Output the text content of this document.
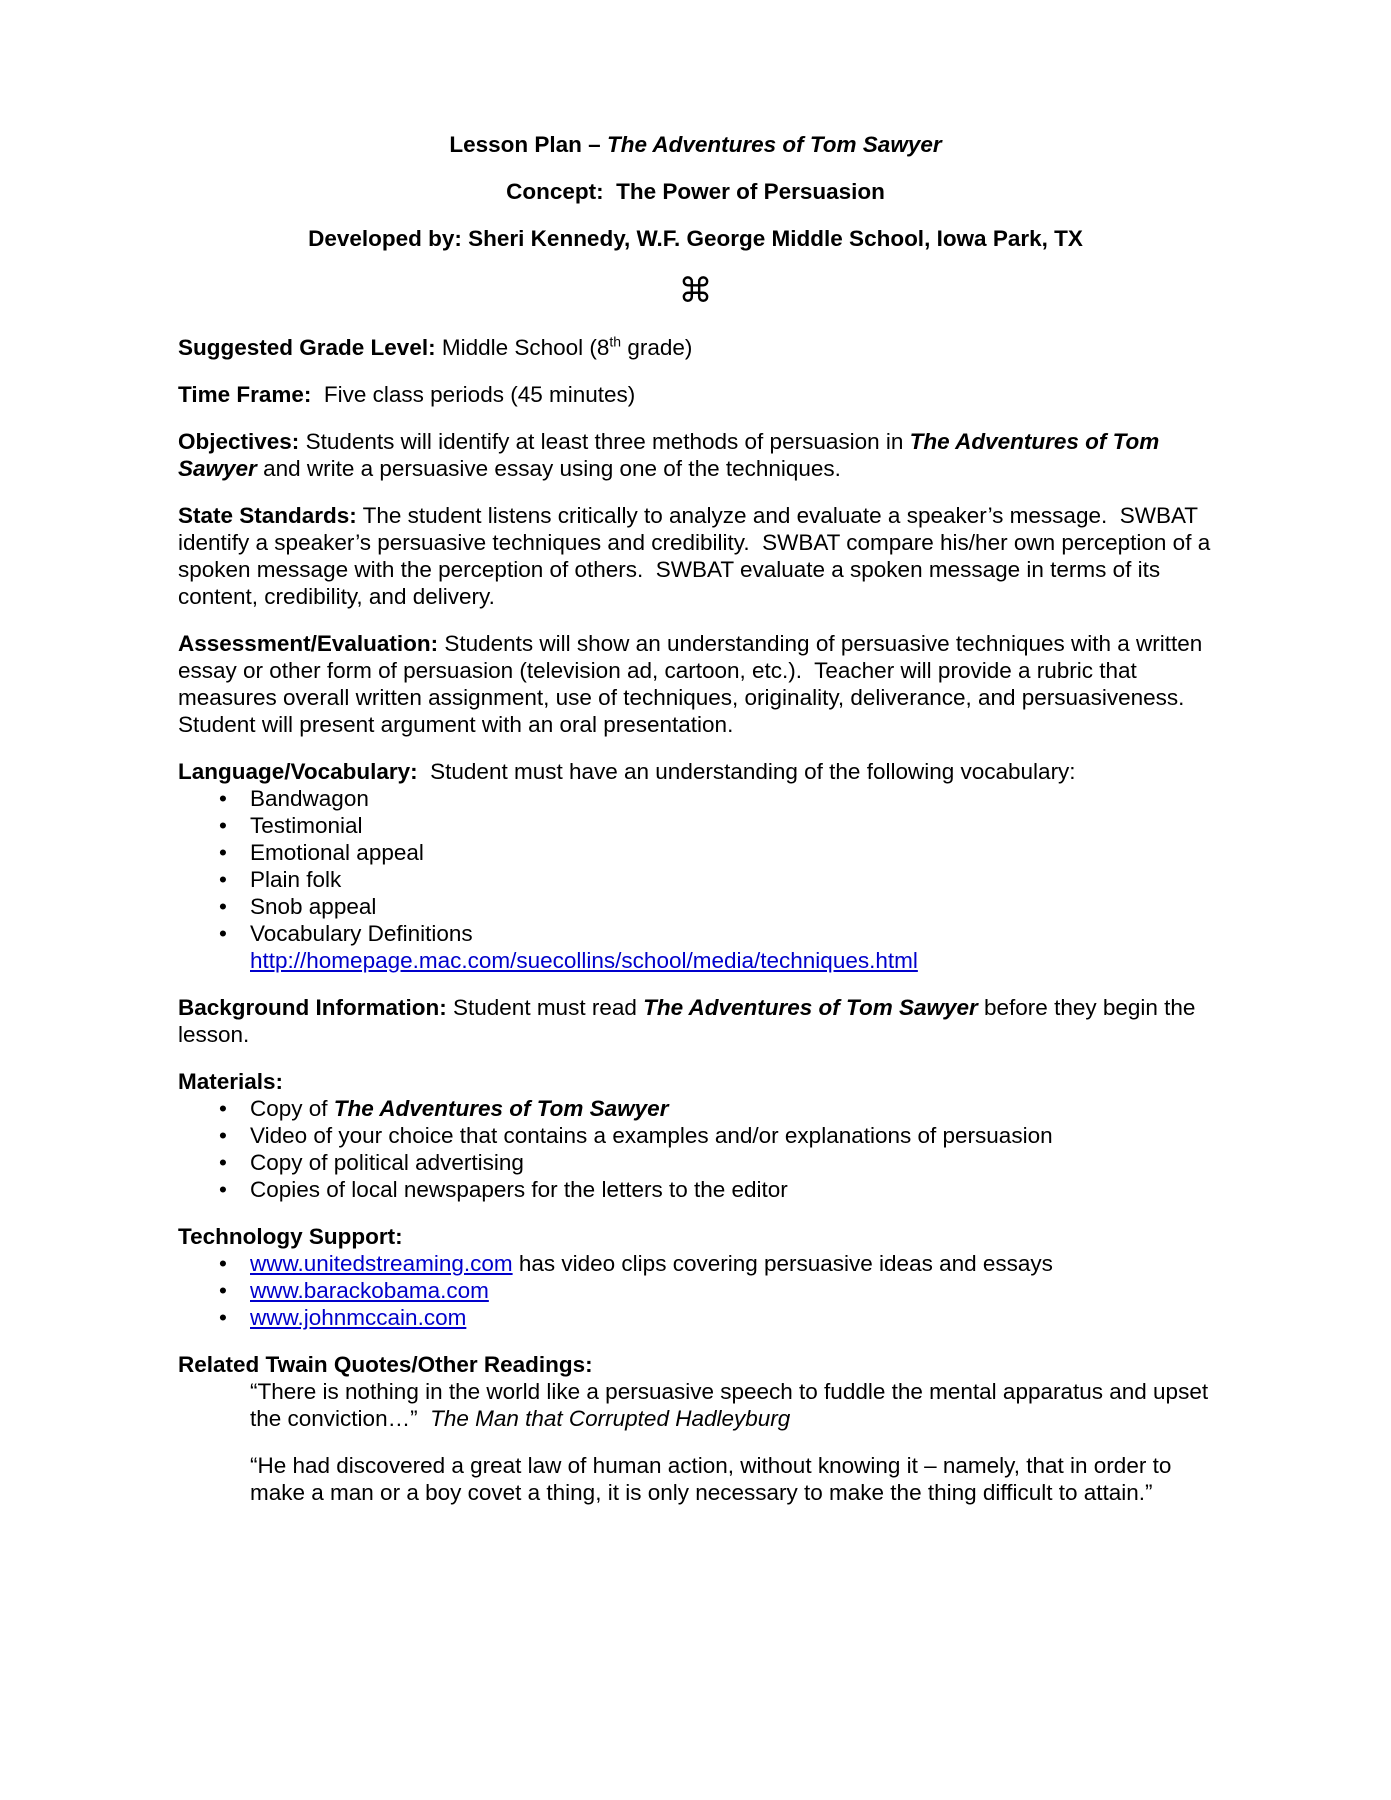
Lesson Plan – The Adventures of Tom Sawyer

Concept:  The Power of Persuasion

Developed by: Sheri Kennedy, W.F. George Middle School, Iowa Park, TX

⌘

Suggested Grade Level: Middle School (8th grade)

Time Frame:  Five class periods (45 minutes)

Objectives: Students will identify at least three methods of persuasion in The Adventures of Tom Sawyer and write a persuasive essay using one of the techniques.

State Standards: The student listens critically to analyze and evaluate a speaker’s message.  SWBAT identify a speaker’s persuasive techniques and credibility.  SWBAT compare his/her own perception of a spoken message with the perception of others.  SWBAT evaluate a spoken message in terms of its content, credibility, and delivery.

Assessment/Evaluation: Students will show an understanding of persuasive techniques with a written essay or other form of persuasion (television ad, cartoon, etc.).  Teacher will provide a rubric that measures overall written assignment, use of techniques, originality, deliverance, and persuasiveness.  Student will present argument with an oral presentation.

Language/Vocabulary:  Student must have an understanding of the following vocabulary:

• Bandwagon
• Testimonial
• Emotional appeal
• Plain folk
• Snob appeal
• Vocabulary Definitions
http://homepage.mac.com/suecollins/school/media/techniques.html

Background Information: Student must read The Adventures of Tom Sawyer before they begin the lesson.

Materials:

• Copy of The Adventures of Tom Sawyer
• Video of your choice that contains a examples and/or explanations of persuasion
• Copy of political advertising
• Copies of local newspapers for the letters to the editor

Technology Support:

• www.unitedstreaming.com has video clips covering persuasive ideas and essays
• www.barackobama.com
• www.johnmccain.com

Related Twain Quotes/Other Readings:

“There is nothing in the world like a persuasive speech to fuddle the mental apparatus and upset the conviction…”  The Man that Corrupted Hadleyburg

“He had discovered a great law of human action, without knowing it – namely, that in order to make a man or a boy covet a thing, it is only necessary to make the thing difficult to attain.”
